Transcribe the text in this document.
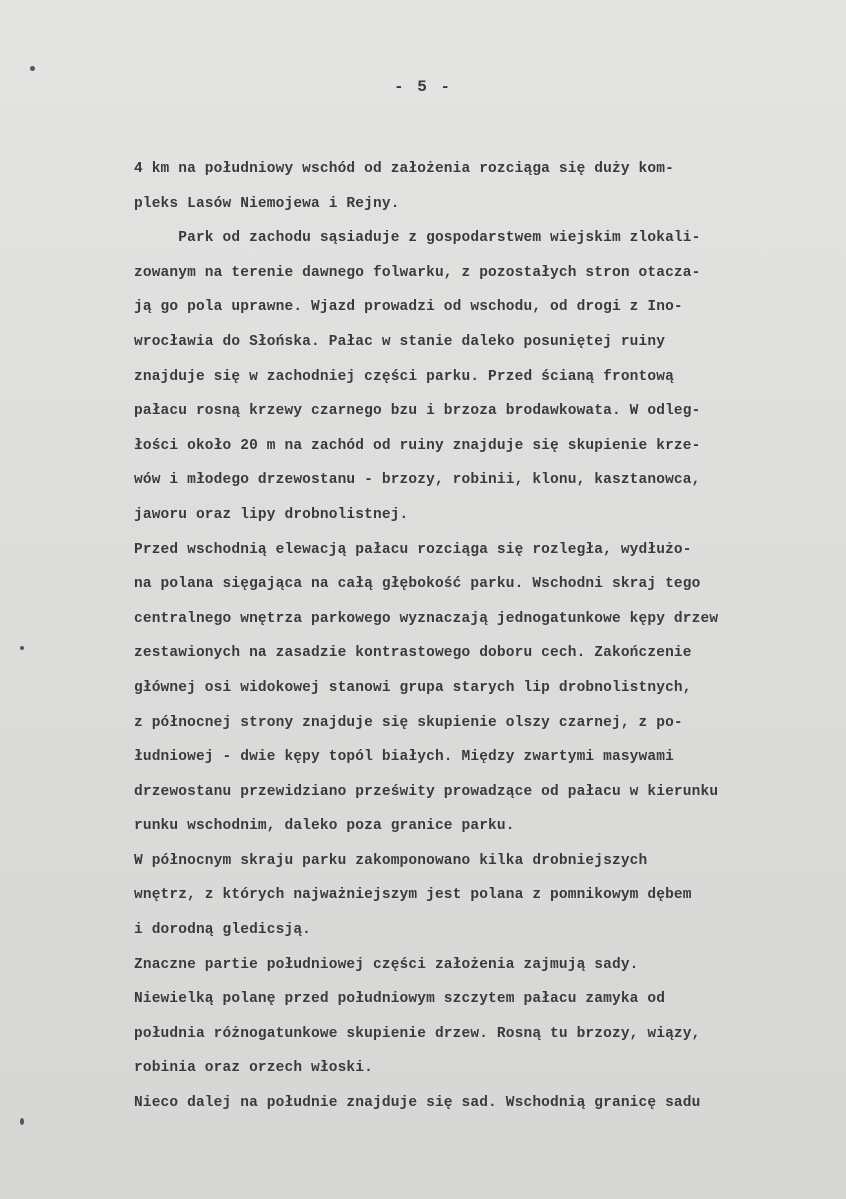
- 5 -
4 km na południowy wschód od założenia rozciąga się duży kom-
pleks Lasów Niemojewa i Rejny.
Park od zachodu sąsiaduje z gospodarstwem wiejskim zlokali-
zowanym na terenie dawnego folwarku, z pozostałych stron otacza-
ją go pola uprawne. Wjazd prowadzi od wschodu, od drogi z Ino-
wrocławia do Słońska. Pałac w stanie daleko posuniętej ruiny
znajduje się w zachodniej części parku. Przed ścianą frontową
pałacu rosną krzewy czarnego bzu i brzoza brodawkowata. W odleg-
łości około 20 m na zachód od ruiny znajduje się skupienie krze-
wów i młodego drzewostanu - brzozy, robinii, klonu, kasztanowca,
jaworu oraz lipy drobnolistnej.
Przed wschodnią elewacją pałacu rozciąga się rozległa, wydłużo-
na polana sięgająca na całą głębokość parku. Wschodni skraj tego
centralnego wnętrza parkowego wyznaczają jednogatunkowe kępy drzew
zestawionych na zasadzie kontrastowego doboru cech. Zakończenie
głównej osi widokowej stanowi grupa starych lip drobnolistnych,
z północnej strony znajduje się skupienie olszy czarnej, z po-
łudniowej - dwie kępy topól białych. Między zwartymi masywami
drzewostanu przewidziano prześwity prowadzące od pałacu w kierunku
runku wschodnim, daleko poza granice parku.
W północnym skraju parku zakomponowano kilka drobniejszych
wnętrz, z których najważniejszym jest polana z pomnikowym dębem
i dorodną gledicsją.
Znaczne partie południowej części założenia zajmują sady.
Niewielką polanę przed południowym szczytem pałacu zamyka od
południa różnogatunkowe skupienie drzew. Rosną tu brzozy, wiązy,
robinia oraz orzech włoski.
Nieco dalej na południe znajduje się sad. Wschodnią granicę sadu
